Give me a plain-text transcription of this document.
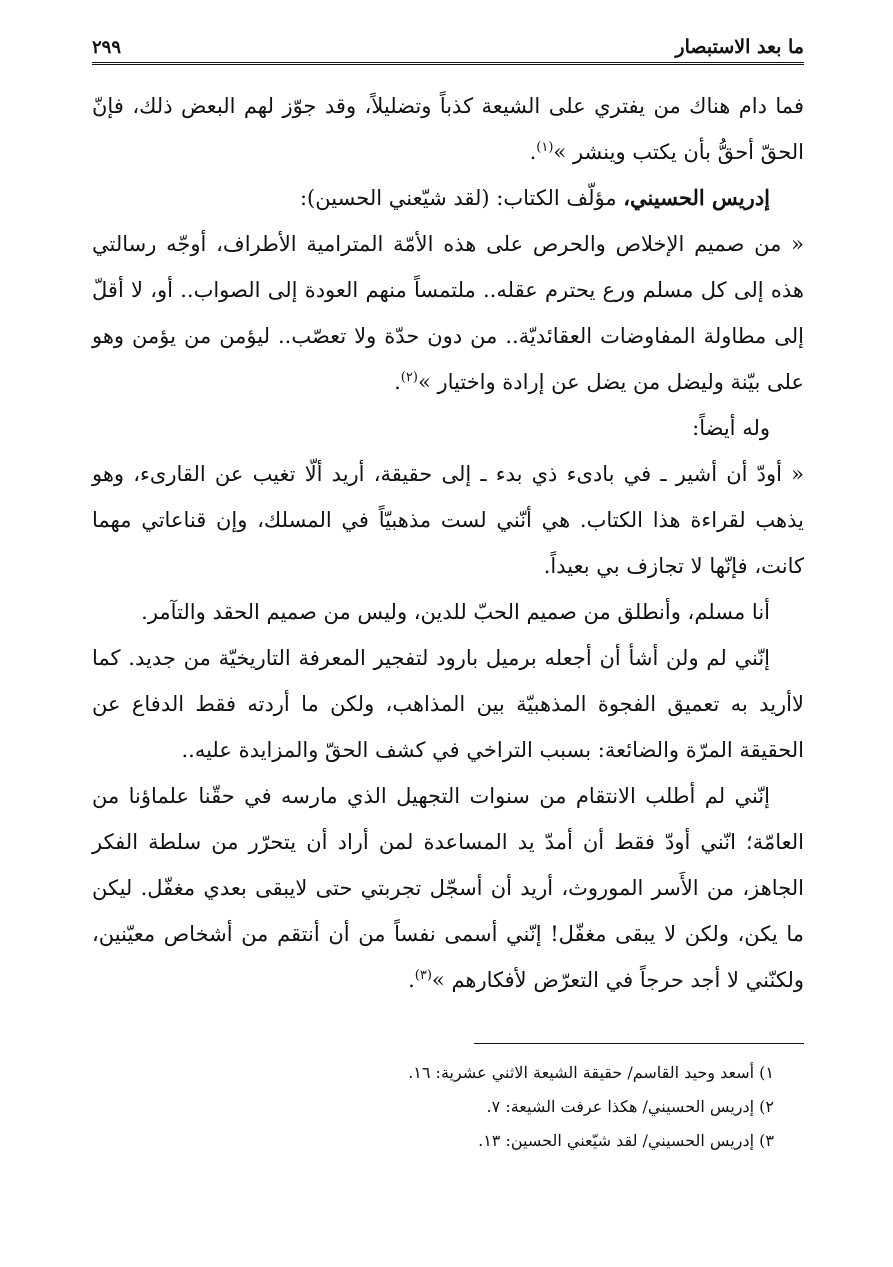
ما بعد الاستبصار
٢٩٩

فما دام هناك من يفتري على الشيعة كذباً وتضليلاً، وقد جوّز لهم البعض ذلك، فإنّ الحقّ أحقُّ بأن يكتب وينشر »$^{(١)}$.

إدريس الحسيني، مؤلّف الكتاب: (لقد شيّعني الحسين):

« من صميم الإخلاص والحرص على هذه الأمّة المترامية الأطراف، أوجّه رسالتي هذه إلى كل مسلم ورع يحترم عقله.. ملتمساً منهم العودة إلى الصواب.. أو، لا أقلّ إلى مطاولة المفاوضات العقائديّة.. من دون حدّة ولا تعصّب.. ليؤمن من يؤمن وهو على بيّنة وليضل من يضل عن إرادة واختيار »$^{(٢)}$.

وله أيضاً:

« أودّ أن أشير ـ في بادىء ذي بدء ـ إلى حقيقة، أريد ألّا تغيب عن القارىء، وهو يذهب لقراءة هذا الكتاب. هي أنّني لست مذهبيّاً في المسلك، وإن قناعاتي مهما كانت، فإنّها لا تجازف بي بعيداً.

أنا مسلم، وأنطلق من صميم الحبّ للدين، وليس من صميم الحقد والتآمر.

إنّني لم ولن أشأ أن أجعله برميل بارود لتفجير المعرفة التاريخيّة من جديد. كما لاأريد به تعميق الفجوة المذهبيّة بين المذاهب، ولكن ما أردته فقط الدفاع عن الحقيقة المرّة والضائعة: بسبب التراخي في كشف الحقّ والمزايدة عليه..

إنّني لم أطلب الانتقام من سنوات التجهيل الذي مارسه في حقّنا علماؤنا من العامّة؛ انّني أودّ فقط أن أمدّ يد المساعدة لمن أراد أن يتحرّر من سلطة الفكر الجاهز، من الأَسر الموروث، أريد أن أسجّل تجربتي حتى لايبقى بعدي مغفّل. ليكن ما يكن، ولكن لا يبقى مغفّل! إنّني أسمى نفساً من أن أنتقم من أشخاص معيّنين، ولكنّني لا أجد حرجاً في التعرّض لأفكارهم »$^{(٣)}$.

١) أسعد وحيد القاسم/ حقيقة الشيعة الاثني عشرية: ١٦.

٢) إدريس الحسيني/ هكذا عرفت الشيعة: ٧.

٣) إدريس الحسيني/ لقد شيّعني الحسين: ١٣.
